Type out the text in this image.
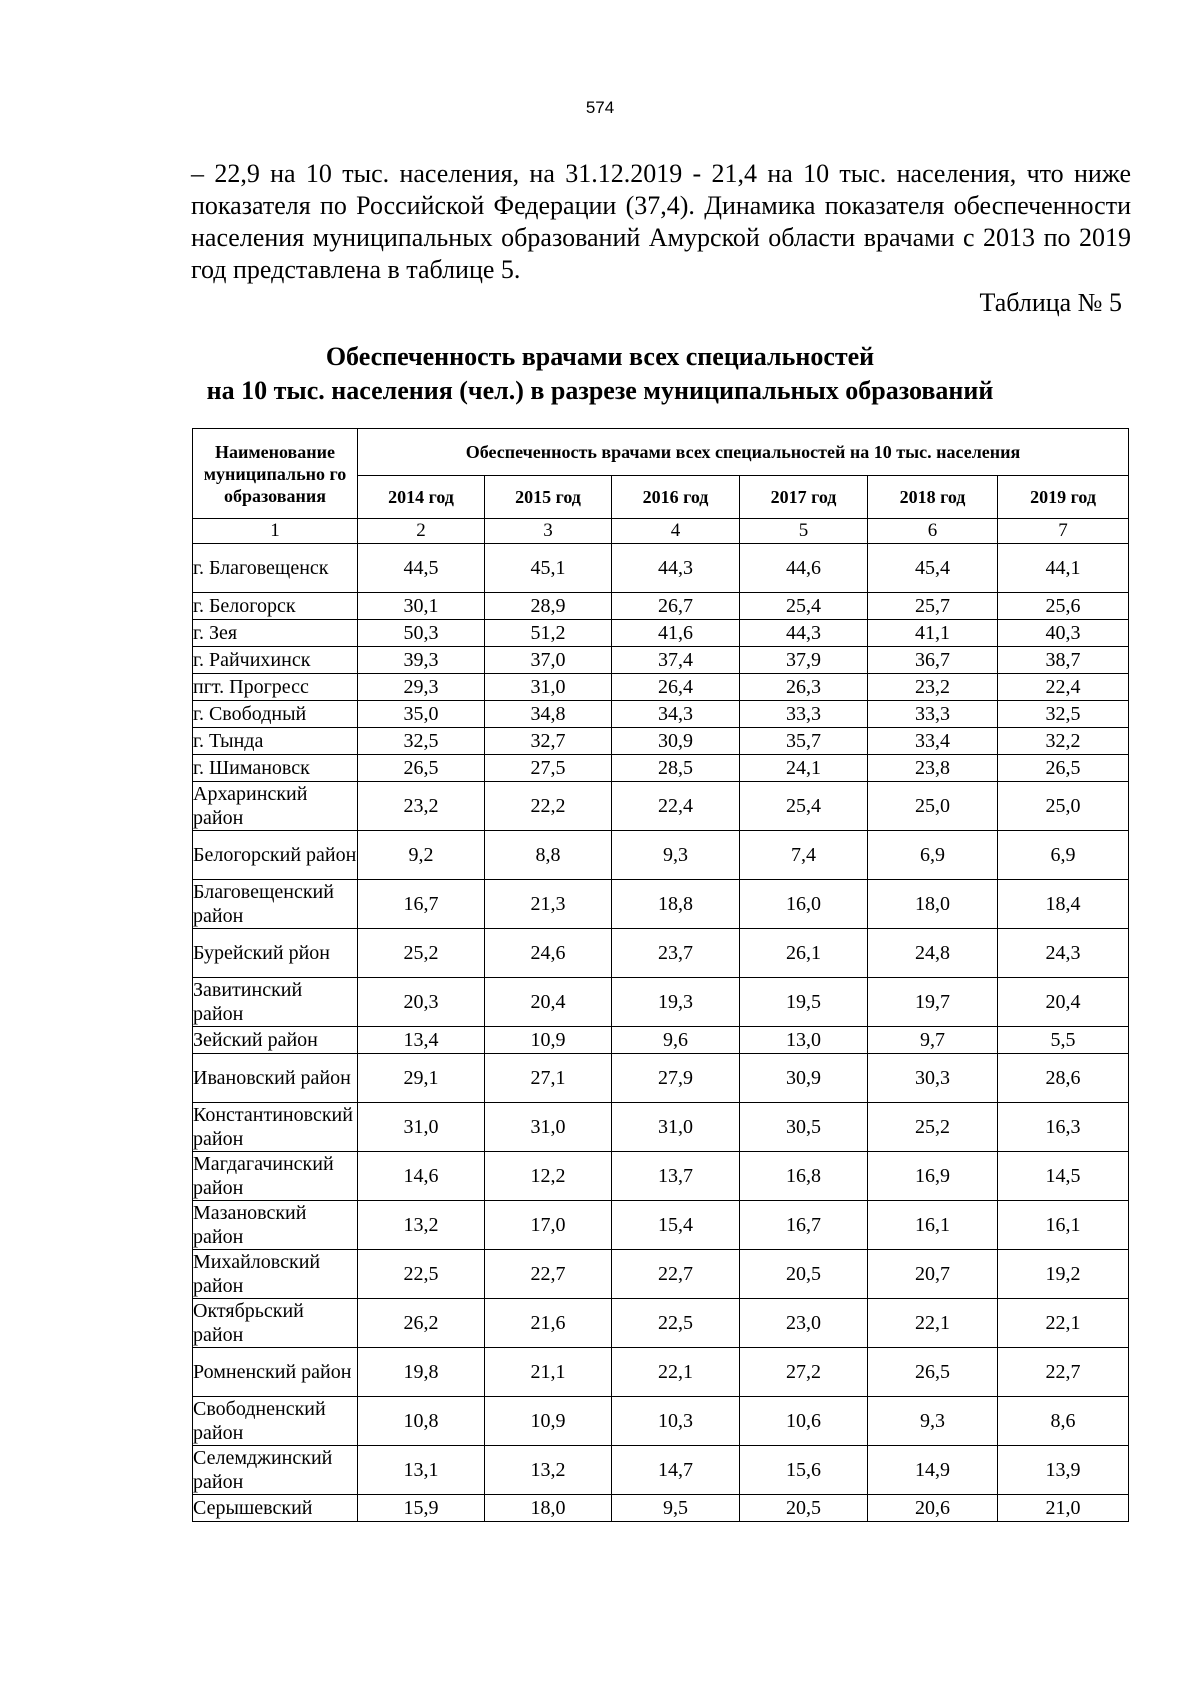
574

– 22,9 на 10 тыс. населения, на 31.12.2019 - 21,4 на 10 тыс. населения, что ниже показателя по Российской Федерации (37,4). Динамика показателя обеспеченности населения муниципальных образований Амурской области врачами с 2013 по 2019 год представлена в таблице 5.

Таблица № 5
Обеспеченность врачами всех специальностей
на 10 тыс. населения (чел.) в разрезе муниципальных образований
Наименование муниципально го образования	Обеспеченность врачами всех специальностей на 10 тыс. населения					
	2014 год	2015 год	2016 год	2017 год	2018 год	2019 год
1	2	3	4	5	6	7
г. Благовещенск	44,5	45,1	44,3	44,6	45,4	44,1
г. Белогорск	30,1	28,9	26,7	25,4	25,7	25,6
г. Зея	50,3	51,2	41,6	44,3	41,1	40,3
г. Райчихинск	39,3	37,0	37,4	37,9	36,7	38,7
пгт. Прогресс	29,3	31,0	26,4	26,3	23,2	22,4
г. Свободный	35,0	34,8	34,3	33,3	33,3	32,5
г. Тында	32,5	32,7	30,9	35,7	33,4	32,2
г. Шимановск	26,5	27,5	28,5	24,1	23,8	26,5
Архаринский район	23,2	22,2	22,4	25,4	25,0	25,0
Белогорский район	9,2	8,8	9,3	7,4	6,9	6,9
Благовещенский район	16,7	21,3	18,8	16,0	18,0	18,4
Бурейский рйон	25,2	24,6	23,7	26,1	24,8	24,3
Завитинский район	20,3	20,4	19,3	19,5	19,7	20,4
Зейский район	13,4	10,9	9,6	13,0	9,7	5,5
Ивановский район	29,1	27,1	27,9	30,9	30,3	28,6
Константиновский район	31,0	31,0	31,0	30,5	25,2	16,3
Магдагачинский район	14,6	12,2	13,7	16,8	16,9	14,5
Мазановский район	13,2	17,0	15,4	16,7	16,1	16,1
Михайловский район	22,5	22,7	22,7	20,5	20,7	19,2
Октябрьский район	26,2	21,6	22,5	23,0	22,1	22,1
Ромненский район	19,8	21,1	22,1	27,2	26,5	22,7
Свободненский район	10,8	10,9	10,3	10,6	9,3	8,6
Селемджинский район	13,1	13,2	14,7	15,6	14,9	13,9
Серышевский	15,9	18,0	9,5	20,5	20,6	21,0
